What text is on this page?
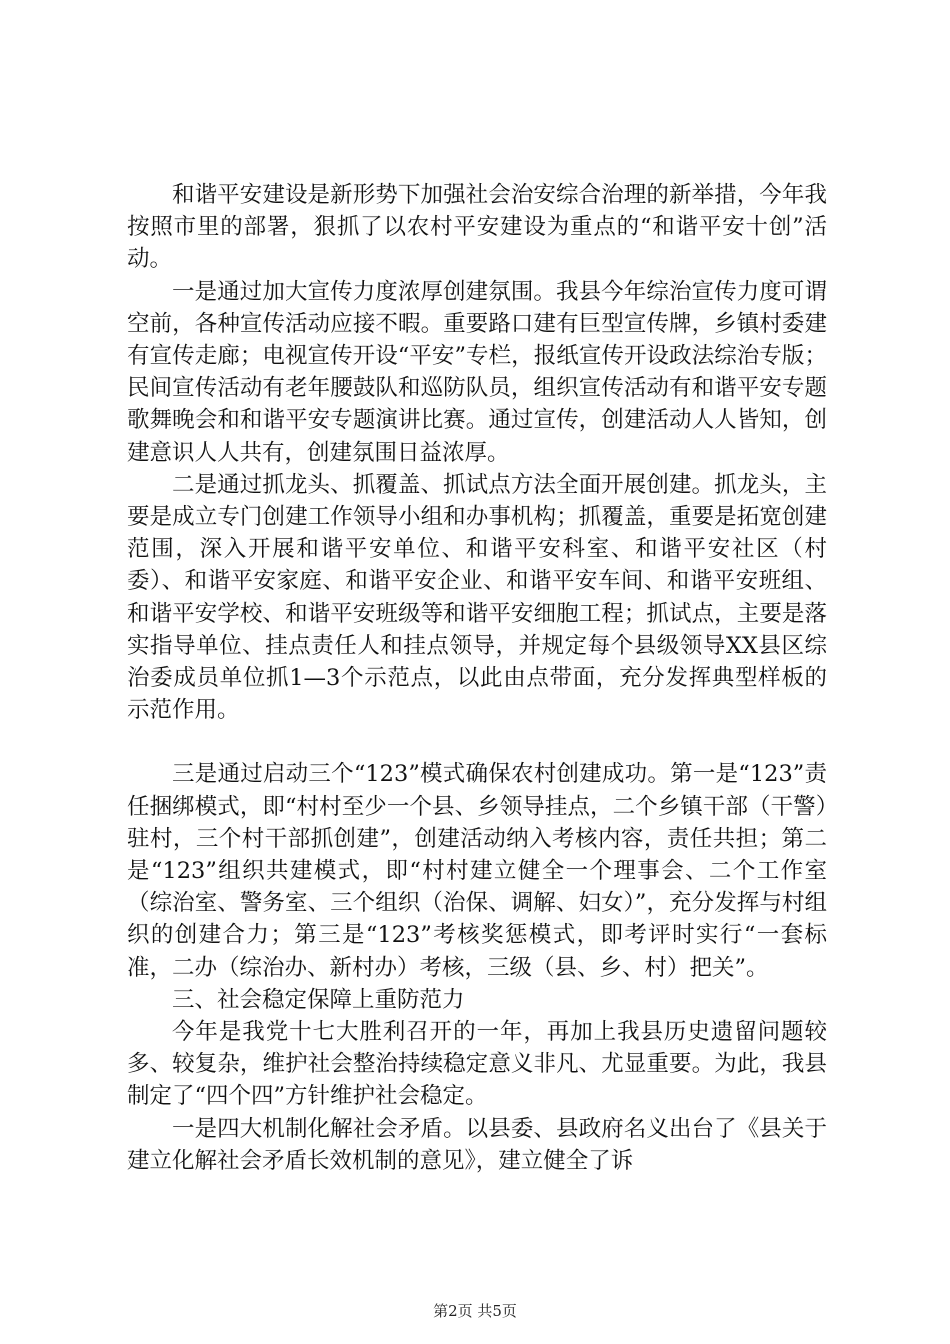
和谐平安建设是新形势下加强社会治安综合治理的新举措，今年我按照市里的部署，狠抓了以农村平安建设为重点的“和谐平安十创”活动。

一是通过加大宣传力度浓厚创建氛围。我县今年综治宣传力度可谓空前，各种宣传活动应接不暇。重要路口建有巨型宣传牌，乡镇村委建有宣传走廊；电视宣传开设“平安”专栏，报纸宣传开设政法综治专版；民间宣传活动有老年腰鼓队和巡防队员，组织宣传活动有和谐平安专题歌舞晚会和和谐平安专题演讲比赛。通过宣传，创建活动人人皆知，创建意识人人共有，创建氛围日益浓厚。

二是通过抓龙头、抓覆盖、抓试点方法全面开展创建。抓龙头，主要是成立专门创建工作领导小组和办事机构；抓覆盖，重要是拓宽创建范围，深入开展和谐平安单位、和谐平安科室、和谐平安社区（村委）、和谐平安家庭、和谐平安企业、和谐平安车间、和谐平安班组、和谐平安学校、和谐平安班级等和谐平安细胞工程；抓试点，主要是落实指导单位、挂点责任人和挂点领导，并规定每个县级领导XX县区综治委成员单位抓1—3个示范点，以此由点带面，充分发挥典型样板的示范作用。

三是通过启动三个“123”模式确保农村创建成功。第一是“123”责任捆绑模式，即“村村至少一个县、乡领导挂点，二个乡镇干部（干警）驻村，三个村干部抓创建”，创建活动纳入考核内容，责任共担；第二是“123”组织共建模式，即“村村建立健全一个理事会、二个工作室（综治室、警务室、三个组织（治保、调解、妇女）”，充分发挥与村组织的创建合力；第三是“123”考核奖惩模式，即考评时实行“一套标准，二办（综治办、新村办）考核，三级（县、乡、村）把关”。

三、社会稳定保障上重防范力

今年是我党十七大胜利召开的一年，再加上我县历史遗留问题较多、较复杂，维护社会整治持续稳定意义非凡、尤显重要。为此，我县制定了“四个四”方针维护社会稳定。

一是四大机制化解社会矛盾。以县委、县政府名义出台了《县关于建立化解社会矛盾长效机制的意见》，建立健全了诉

第2页 共5页
